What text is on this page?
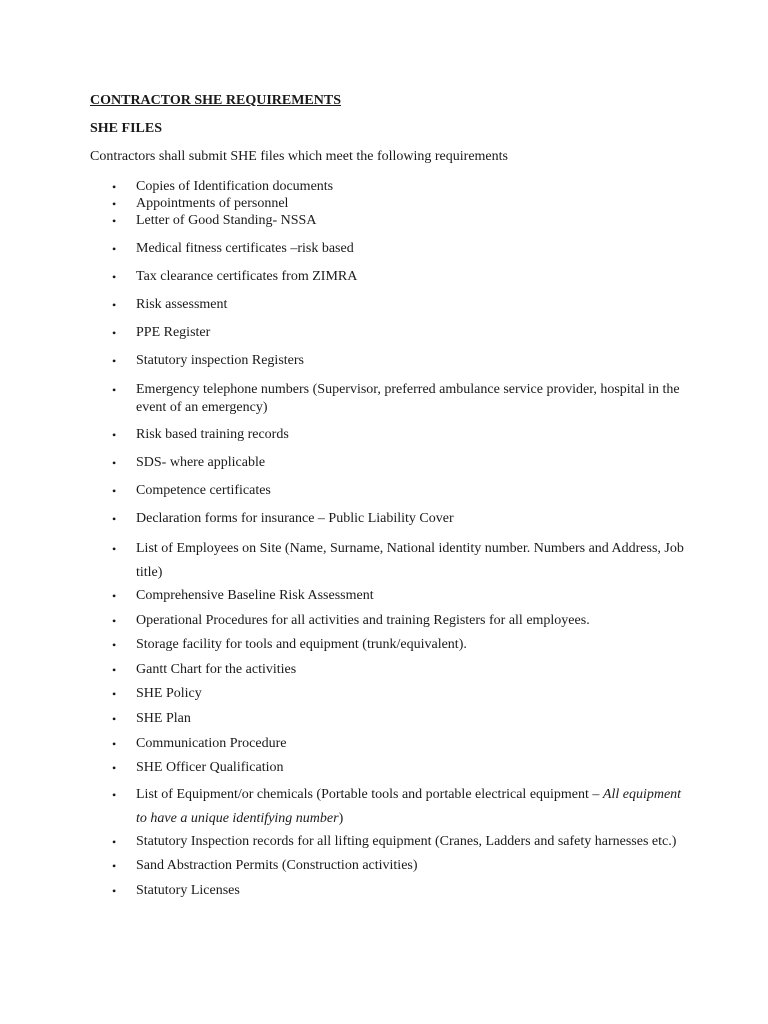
CONTRACTOR SHE REQUIREMENTS

SHE FILES

Contractors shall submit SHE files which meet the following requirements

• Copies of Identification documents
• Appointments of personnel
• Letter of Good Standing- NSSA
• Medical fitness certificates –risk based
• Tax clearance certificates from ZIMRA
• Risk assessment
• PPE Register
• Statutory inspection Registers
• Emergency telephone numbers (Supervisor, preferred ambulance service provider, hospital in the event of an emergency)
• Risk based training records
• SDS- where applicable
• Competence certificates
• Declaration forms for insurance – Public Liability Cover
• List of Employees on Site (Name, Surname, National identity number. Numbers and Address, Job title)
• Comprehensive Baseline Risk Assessment
• Operational Procedures for all activities and training Registers for all employees.
• Storage facility for tools and equipment (trunk/equivalent).
• Gantt Chart for the activities
• SHE Policy
• SHE Plan
• Communication Procedure
• SHE Officer Qualification
• List of Equipment/or chemicals (Portable tools and portable electrical equipment – All equipment to have a unique identifying number)
• Statutory Inspection records for all lifting equipment (Cranes, Ladders and safety harnesses etc.)
• Sand Abstraction Permits (Construction activities)
• Statutory Licenses
